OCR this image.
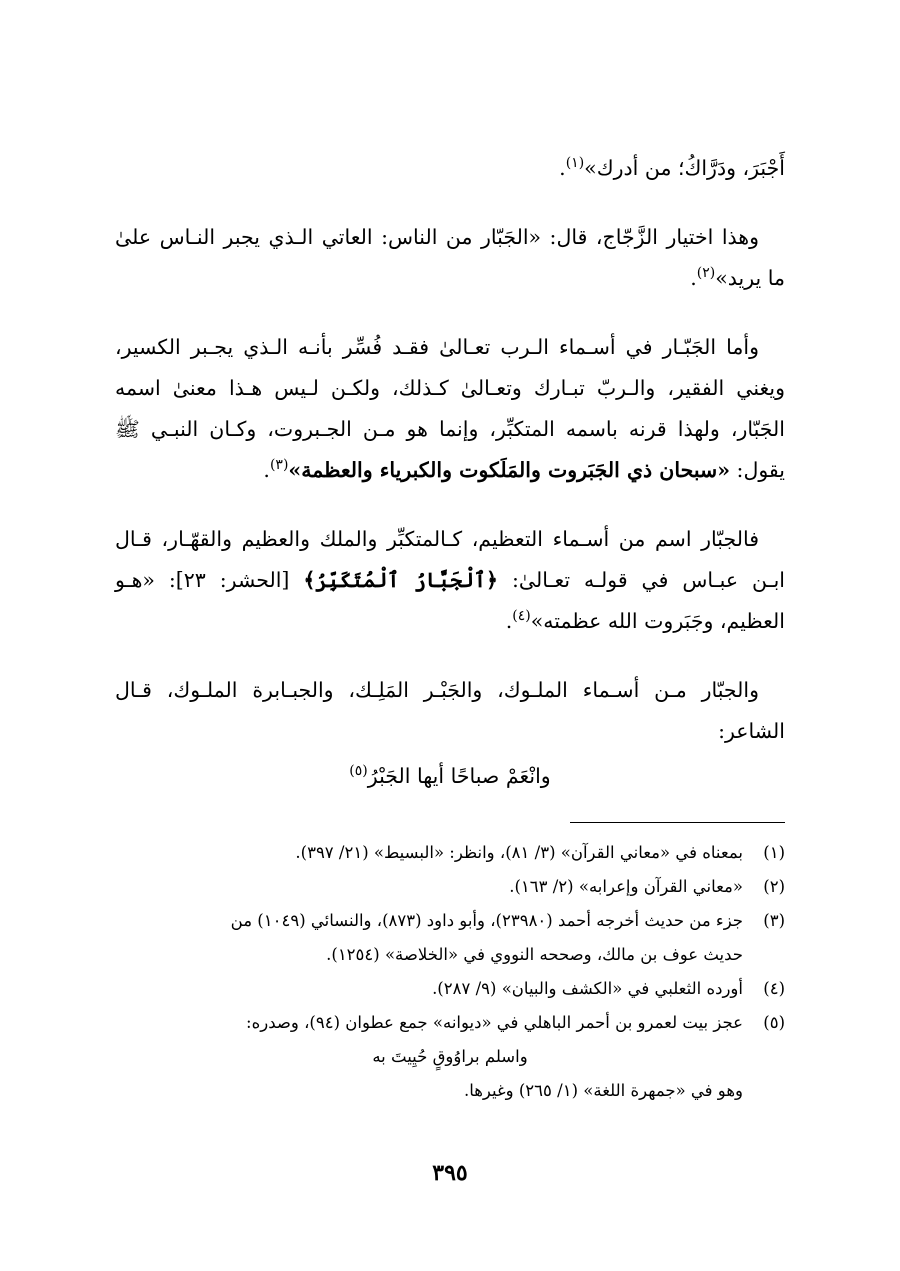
أَجْبَرَ، ودَرَّاكُ؛ من أدرك»$^{(١)}$.

وهذا اختيار الزَّجّاج، قال: «الجَبّار من الناس: العاتي الـذي يجبر النـاس علىٰ ما يريد»$^{(٢)}$.

وأما الجَبّـار في أسـماء الـرب تعـالىٰ فقـد فُسِّر بأنـه الـذي يجـبر الكسير، ويغني الفقير، والـربّ تبـارك وتعـالىٰ كـذلك، ولكـن لـيس هـذا معنىٰ اسمه الجَبّار، ولهذا قرنه باسمه المتكبِّر، وإنما هو مـن الجـبروت، وكـان النبـي ﷺ يقول: «سبحان ذي الجَبَروت والمَلَكوت والكبرياء والعظمة»$^{(٣)}$.

فالجبّار اسم من أسـماء التعظيم، كـالمتكبِّر والملك والعظيم والقهّـار، قـال ابـن عبـاس في قولـه تعـالىٰ: ﴿ٱلْجَبَّارُ ٱلْمُتَكَبِّرُ﴾ [الحشر: ٢٣]: «هـو العظيم، وجَبَروت الله عظمته»$^{(٤)}$.

والجبّار مـن أسـماء الملـوك، والجَبْـر المَلِـك، والجبـابرة الملـوك، قـال الشاعر:

وانْعَمْ صباحًا أيها الجَبْرُ$^{(٥)}$
(١)
بمعناه في «معاني القرآن» (٣/ ٨١)، وانظر: «البسيط» (٢١/ ٣٩٧).
(٢)
«معاني القرآن وإعرابه» (٢/ ١٦٣).
(٣)
جزء من حديث أخرجه أحمد (٢٣٩٨٠)، وأبو داود (٨٧٣)، والنسائي (١٠٤٩) من
حديث عوف بن مالك، وصححه النووي في «الخلاصة» (١٢٥٤).
(٤)
أورده الثعلبي في «الكشف والبيان» (٩/ ٢٨٧).
(٥)
عجز بيت لعمرو بن أحمر الباهلي في «ديوانه» جمع عطوان (٩٤)، وصدره:
واسلم براوُوقٍ حُيِيتَ به
وهو في «جمهرة اللغة» (١/ ٢٦٥) وغيرها.
٣٩٥
